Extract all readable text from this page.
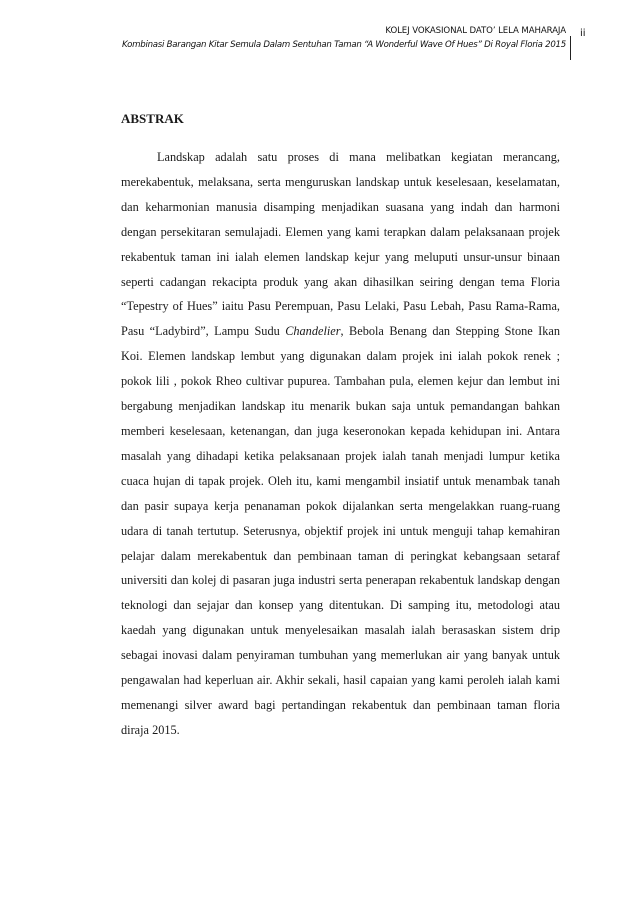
KOLEJ VOKASIONAL DATO’ LELA MAHARAJA
Kombinasi Barangan Kitar Semula Dalam Sentuhan Taman “A Wonderful Wave Of Hues” Di Royal Floria 2015
ii
ABSTRAK

Landskap adalah satu proses di mana melibatkan kegiatan merancang, merekabentuk, melaksana, serta menguruskan landskap untuk keselesaan, keselamatan, dan keharmonian manusia disamping menjadikan suasana yang indah dan harmoni dengan persekitaran semulajadi. Elemen yang kami terapkan dalam pelaksanaan projek rekabentuk taman ini ialah elemen landskap kejur yang meluputi unsur-unsur binaan seperti cadangan rekacipta produk yang akan dihasilkan seiring dengan tema Floria “Tepestry of Hues” iaitu Pasu Perempuan, Pasu Lelaki, Pasu Lebah, Pasu Rama-Rama, Pasu “Ladybird”, Lampu Sudu Chandelier, Bebola Benang dan Stepping Stone Ikan Koi. Elemen landskap lembut yang digunakan dalam projek ini ialah pokok renek ; pokok lili , pokok Rheo cultivar pupurea. Tambahan pula, elemen kejur dan lembut ini bergabung menjadikan landskap itu menarik bukan saja untuk pemandangan bahkan memberi keselesaan, ketenangan, dan juga keseronokan kepada kehidupan ini. Antara masalah yang dihadapi ketika pelaksanaan projek ialah tanah menjadi lumpur ketika cuaca hujan di tapak projek. Oleh itu, kami mengambil insiatif untuk menambak tanah dan pasir supaya kerja penanaman pokok dijalankan serta mengelakkan ruang-ruang udara di tanah tertutup. Seterusnya, objektif projek ini untuk menguji tahap kemahiran pelajar dalam merekabentuk dan pembinaan taman di peringkat kebangsaan setaraf universiti dan kolej di pasaran juga industri serta penerapan rekabentuk landskap dengan teknologi dan sejajar dan konsep yang ditentukan. Di samping itu, metodologi atau kaedah yang digunakan untuk menyelesaikan masalah ialah berasaskan sistem drip sebagai inovasi dalam penyiraman tumbuhan yang memerlukan air yang banyak untuk pengawalan had keperluan air. Akhir sekali, hasil capaian yang kami peroleh ialah kami memenangi silver award bagi pertandingan rekabentuk dan pembinaan taman floria diraja 2015.
